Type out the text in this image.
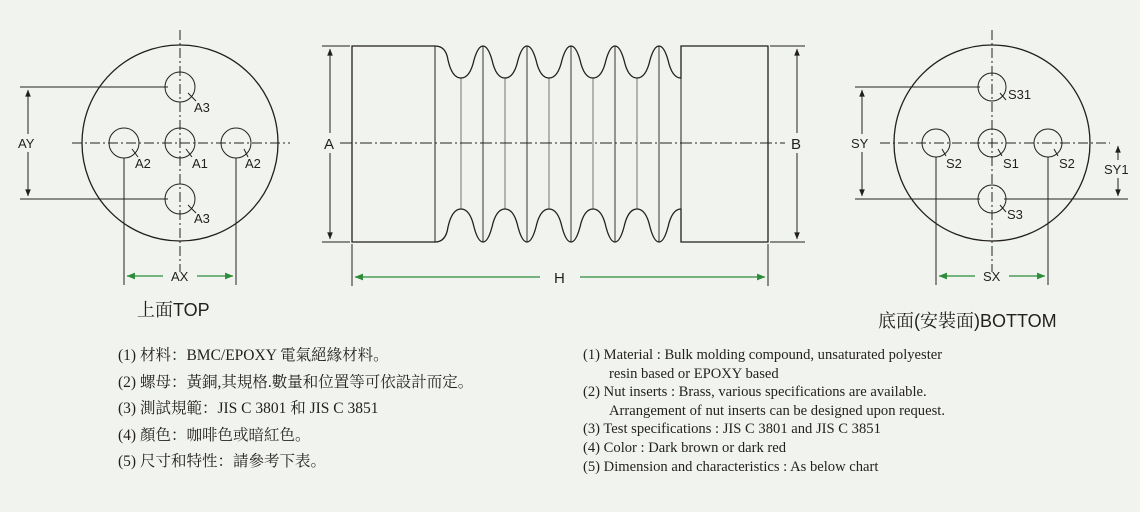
AY
A1
A2	A2
A3
A3
AX
A	B
H
SY
SY1
S1
S2	S2
S31
S3
SX
上面TOP
底面(安裝面)BOTTOM
(1) 材料：BMC/EPOXY 電氣絕緣材料。
(2) 螺母：黃銅,其規格.數量和位置等可依設計而定。
(3) 測試規範：JIS C 3801 和 JIS C 3851
(4) 顏色：咖啡色或暗紅色。
(5) 尺寸和特性：請參考下表。
(1) Material : Bulk molding compound, unsaturated polyester
resin based or EPOXY based
(2) Nut inserts : Brass, various specifications are available.
Arrangement of nut inserts can be designed upon request.
(3) Test specifications : JIS C 3801 and JIS C 3851
(4) Color : Dark brown or dark red
(5) Dimension and characteristics : As below chart
